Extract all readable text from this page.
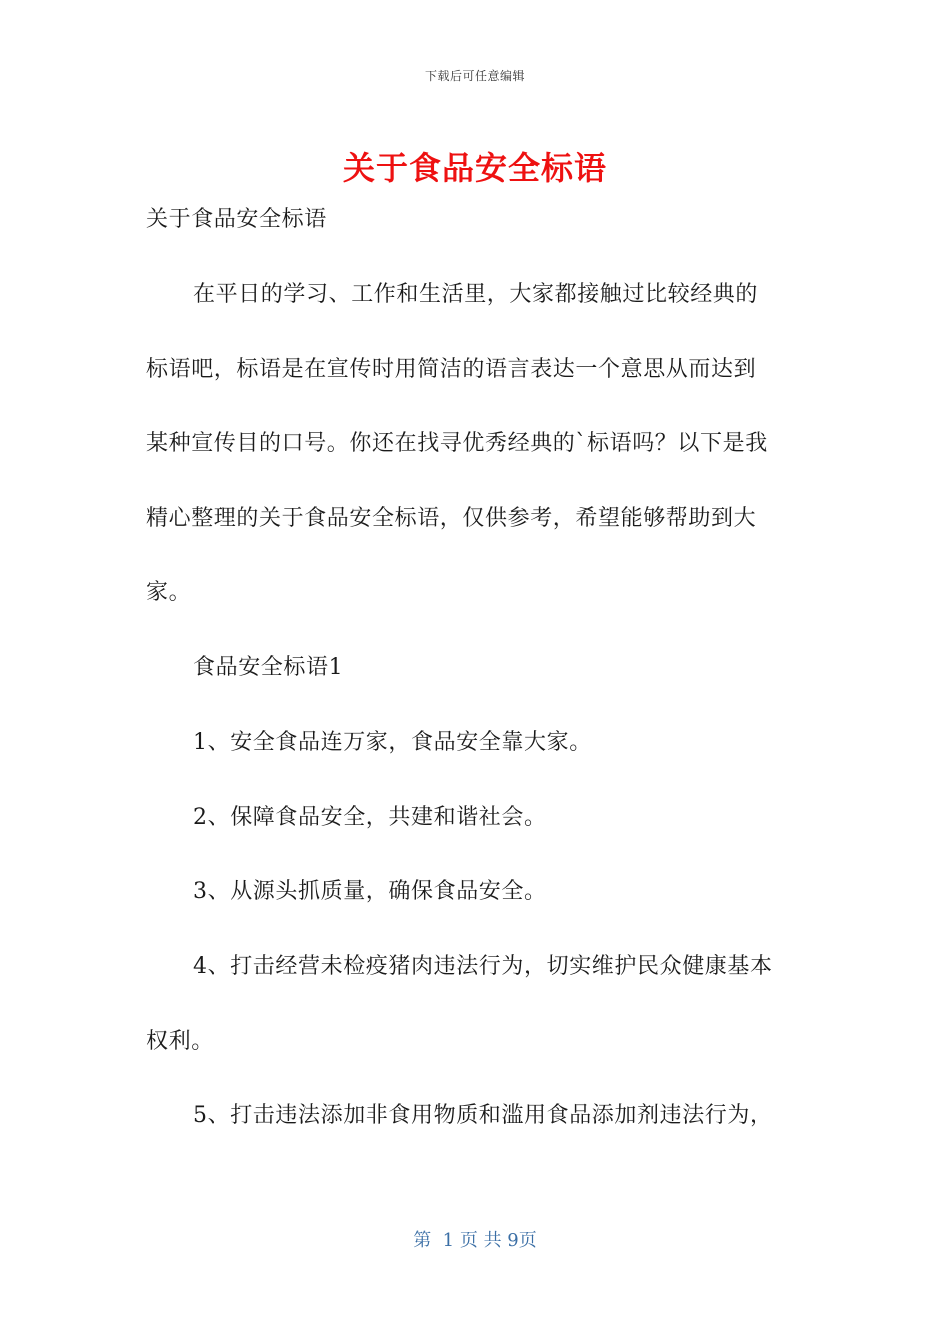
下载后可任意编辑
关于食品安全标语
关于食品安全标语
在平日的学习、工作和生活里，大家都接触过比较经典的
标语吧，标语是在宣传时用简洁的语言表达一个意思从而达到
某种宣传目的口号。你还在找寻优秀经典的`标语吗？以下是我
精心整理的关于食品安全标语，仅供参考，希望能够帮助到大
家。
食品安全标语1
1、安全食品连万家，食品安全靠大家。
2、保障食品安全，共建和谐社会。
3、从源头抓质量，确保食品安全。
4、打击经营未检疫猪肉违法行为，切实维护民众健康基本
权利。
5、打击违法添加非食用物质和滥用食品添加剂违法行为，
第  1 页 共 9页
